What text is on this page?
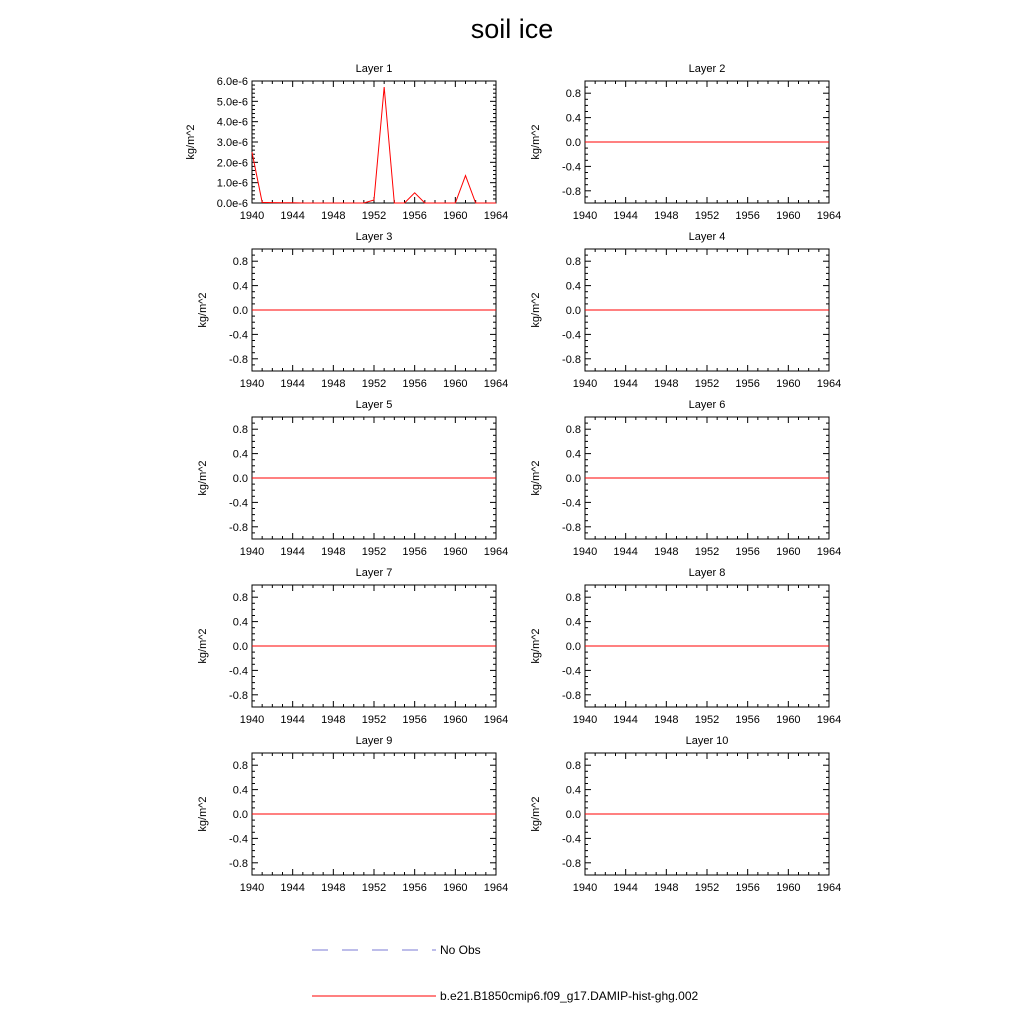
soil ice
1940 1944 1948 1952 1956 1960 1964
0.0e-6
1.0e-6
2.0e-6
3.0e-6
4.0e-6
5.0e-6
6.0e-6
Layer 1
kg/m^2
1940 1944 1948 1952 1956 1960 1964
0.8
0.4
0.0
-0.4
-0.8
Layer 2
kg/m^2
1940 1944 1948 1952 1956 1960 1964
0.8
0.4
0.0
-0.4
-0.8
Layer 3
kg/m^2
1940 1944 1948 1952 1956 1960 1964
0.8
0.4
0.0
-0.4
-0.8
Layer 4
kg/m^2
1940 1944 1948 1952 1956 1960 1964
0.8
0.4
0.0
-0.4
-0.8
Layer 5
kg/m^2
1940 1944 1948 1952 1956 1960 1964
0.8
0.4
0.0
-0.4
-0.8
Layer 6
kg/m^2
1940 1944 1948 1952 1956 1960 1964
0.8
0.4
0.0
-0.4
-0.8
Layer 7
kg/m^2
1940 1944 1948 1952 1956 1960 1964
0.8
0.4
0.0
-0.4
-0.8
Layer 8
kg/m^2
1940 1944 1948 1952 1956 1960 1964
0.8
0.4
0.0
-0.4
-0.8
Layer 9
kg/m^2
1940 1944 1948 1952 1956 1960 1964
0.8
0.4
0.0
-0.4
-0.8
Layer 10
kg/m^2
No Obs
b.e21.B1850cmip6.f09_g17.DAMIP-hist-ghg.002
